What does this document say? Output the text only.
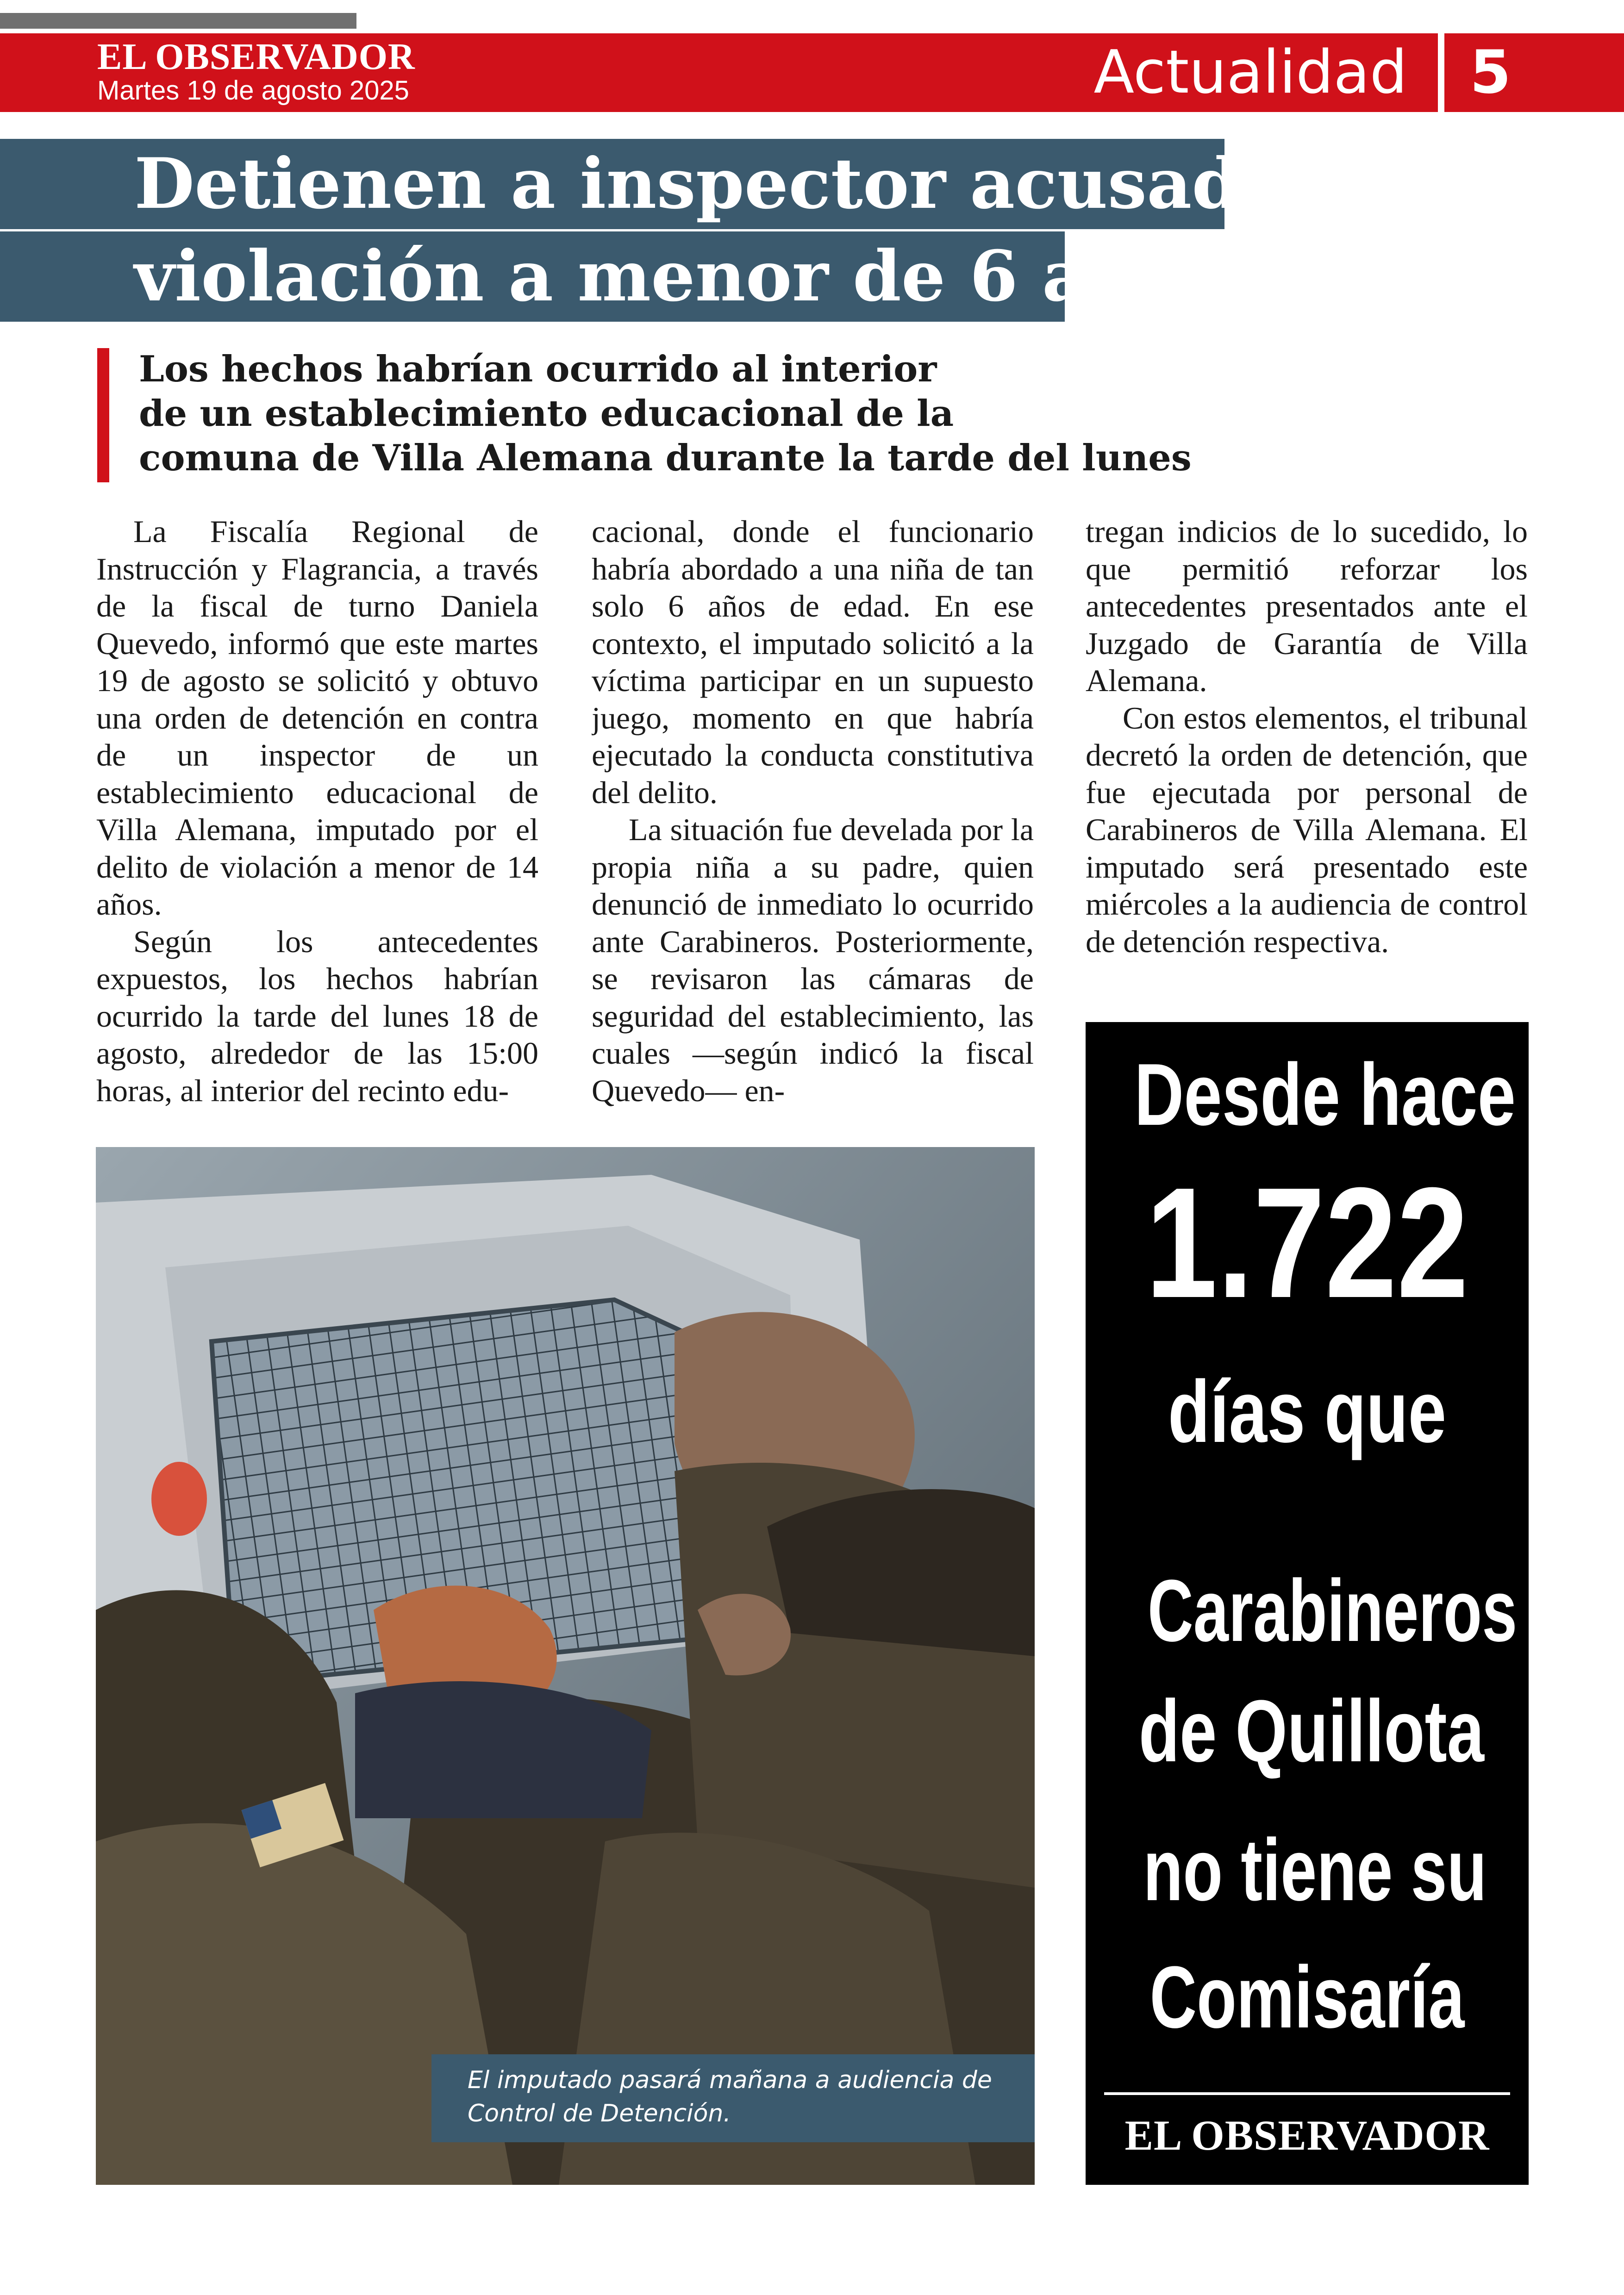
EL OBSERVADOR
Martes 19 de agosto 2025	Actualidad 5
Detienen a inspector acusado de
violación a menor de 6 años
Los hechos habrían ocurrido al interior
de un establecimiento educacional de la
comuna de Villa Alemana durante la tarde del lunes

La Fiscalía Regional de Instrucción y Flagrancia, a través de la fiscal de turno Daniela Quevedo, informó que este martes 19 de agosto se solicitó y obtuvo una orden de detención en contra de un inspector de un establecimiento educacional de Villa Alemana, imputado por el delito de violación a menor de 14 años.

Según los antecedentes expuestos, los hechos habrían ocurrido la tarde del lunes 18 de agosto, alrededor de las 15:00 horas, al interior del recinto edu-

cacional, donde el funcionario habría abordado a una niña de tan solo 6 años de edad. En ese contexto, el imputado solicitó a la víctima participar en un supuesto juego, momento en que habría ejecutado la conducta constitutiva del delito.

La situación fue develada por la propia niña a su padre, quien denunció de inmediato lo ocurrido ante Carabineros. Posteriormente, se revisaron las cámaras de seguridad del establecimiento, las cuales —según indicó la fiscal Quevedo— en-

tregan indicios de lo sucedido, lo que permitió reforzar los antecedentes presentados ante el Juzgado de Garantía de Villa Alemana.

Con estos elementos, el tribunal decretó la orden de detención, que fue ejecutada por personal de Carabineros de Villa Alemana. El imputado será presentado este miércoles a la audiencia de control de detención respectiva.

El imputado pasará mañana a audiencia de Control de Detención.
Desde hace
1.722
días que
Carabineros
de Quillota
no tiene su
Comisaría
EL OBSERVADOR
